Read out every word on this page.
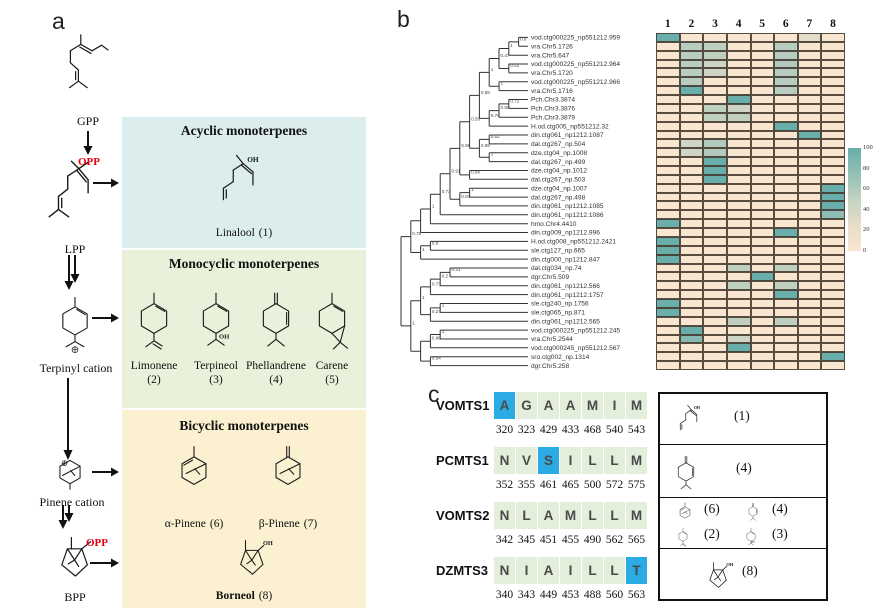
a
GPP
OPP
LPP
Terpinyl cation
Pinene cation
OPP
BPP
Acyclic monoterpenes
OH
Linalool (1)
Monocyclic monoterpenes
OH
Limonene
(2)
Terpineol
(3)
Phellandrene
(4)
Carene
(5)
Bicyclic monoterpenes
α-Pinene (6)	β-Pinene (7)
OH
Borneol (8)
b
vod.ctg000225_np551212.959
vra.Chr5.1726
0.9
vra.Chr5.647
1
vod.ctg000225_np551212.964
vra.Chr5.1720
0.51
0.47
vod.ctg000225_np551212.966
vra.Chr5.1716
1
1
Pch.Chr3.3874
Pch.Chr3.3876
0.72
Pch.Chr3.3879
0.59
H.od.ctg005_np551212.32
0.78
0.58
din.ctg061_np1212.1087
dal.ctg267_np.504
0.52
dze.ctg04_np.1008
dal.ctg267_np.499
1
0.99
0.55
dze.ctg04_np.1012
dal.ctg267_np.503
0.98
0.98
dze.ctg04_np.1007
dal.ctg267_np.498
1
din.ctg061_np1212.1085
0.91
0.91
din.ctg061_np1212.1086
0.73
hmo.Chr4.4410
1
din.ctg009_np1212.996
H.od.ctg008_np551212.2421
sle.ctg127_np.665
0.8
din.ctg000_np1212.847
1
0.78
dal.ctg034_np.74
dgr.Chr5.509
0.21
din.ctg061_np1212.566
0.2
din.ctg061_np1212.1757
0.73
sle.ctg240_np.1756
sle.ctg065_np.871
1
din.ctg061_np1212.565
0.27
1
vod.ctg000225_np551212.245
vra.Chr5.2544
1
vod.ctg000245_np551212.567
0.96
sro.ctg002_np.1314
dgr.Chr5.258
0.54
1
1 2 3 4 5 6 7 8
100
80
60
40
20
0
c
VOMTS1 A
320
G
323
A
429
A
433
M
468
I
540
M
543
PCMTS1 N
352
V
355
S
461
I
465
L
500
L
572
M
575
VOMTS2 N
342
L
345
A
451
M
455
L
490
L
562
M
565
DZMTS3 N
340
I
343
A
449
I
453
L
488
L
560
T
563
OH
(1)
(4)
(6)	(4)
(2)
HO
(3)
OH (8)
